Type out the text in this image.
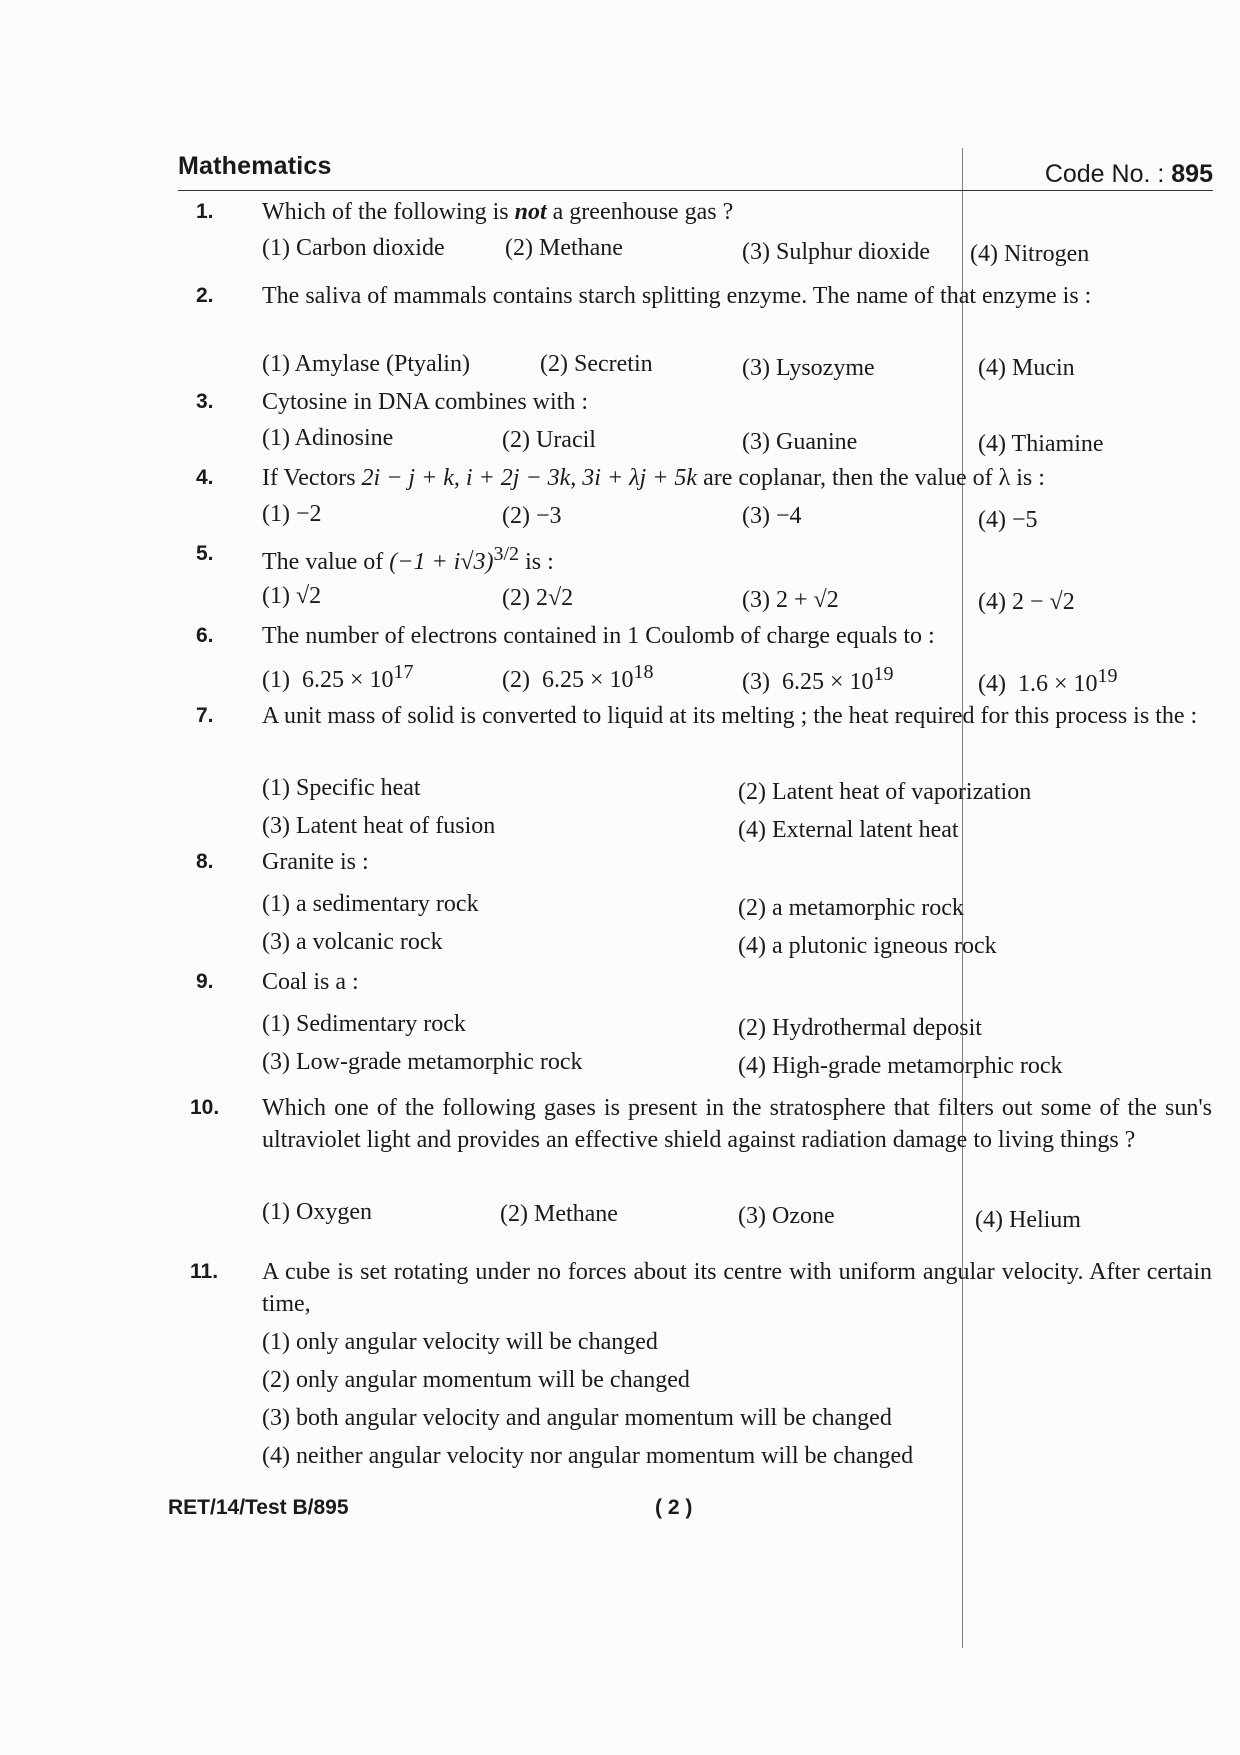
Mathematics	Code No. : 895
1.	Which of the following is not a greenhouse gas ?
(1) Carbon dioxide	(2) Methane	(3) Sulphur dioxide (4) Nitrogen
2.	The saliva of mammals contains starch splitting enzyme. The name of that enzyme is :
(1) Amylase (Ptyalin)	(2) Secretin	(3) Lysozyme	(4) Mucin
3.	Cytosine in DNA combines with :
(1) Adinosine	(2) Uracil	(3) Guanine	(4) Thiamine
4.	If Vectors 2i − j + k, i + 2j − 3k, 3i + λj + 5k are coplanar, then the value of λ is :
(1) −2	(2) −3	(3) −4	(4) −5
5.	The value of $(-1 + i√3)^{3/2}$ is :
(1) √2	(2) 2√2	(3) 2 + √2	(4) 2 − √2
6.	The number of electrons contained in 1 Coulomb of charge equals to :
(1) $6.25 \times 10^{17}$	(2) $6.25 \times 10^{18}$	(3) $6.25 \times 10^{19}$	(4) $1.6 \times 10^{19}$
7.	A unit mass of solid is converted to liquid at its melting ; the heat required for this process is the :
(1) Specific heat	(2) Latent heat of vaporization
(3) Latent heat of fusion	(4) External latent heat
8.	Granite is :
(1) a sedimentary rock	(2) a metamorphic rock
(3) a volcanic rock	(4) a plutonic igneous rock
9.	Coal is a :
(1) Sedimentary rock	(2) Hydrothermal deposit
(3) Low-grade metamorphic rock	(4) High-grade metamorphic rock
10.	Which one of the following gases is present in the stratosphere that filters out some of the sun's ultraviolet light and provides an effective shield against radiation damage to living things ?
(1) Oxygen	(2) Methane	(3) Ozone	(4) Helium
11.	A cube is set rotating under no forces about its centre with uniform angular velocity. After certain time,
(1) only angular velocity will be changed
(2) only angular momentum will be changed
(3) both angular velocity and angular momentum will be changed
(4) neither angular velocity nor angular momentum will be changed
RET/14/Test B/895	( 2 )
